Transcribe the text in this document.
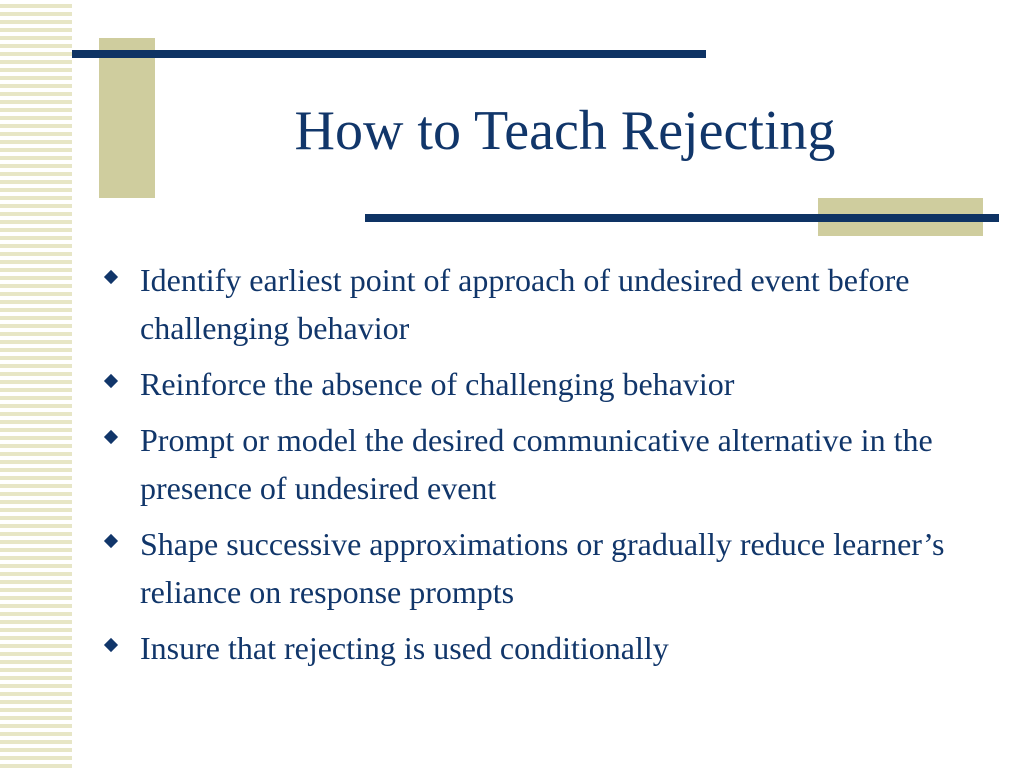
How to Teach Rejecting
Identify earliest point of approach of undesired event before challenging behavior
Reinforce the absence of challenging behavior
Prompt or model the desired communicative alternative in the presence of undesired event
Shape successive approximations or gradually reduce learner’s reliance on response prompts
Insure that rejecting is used conditionally
